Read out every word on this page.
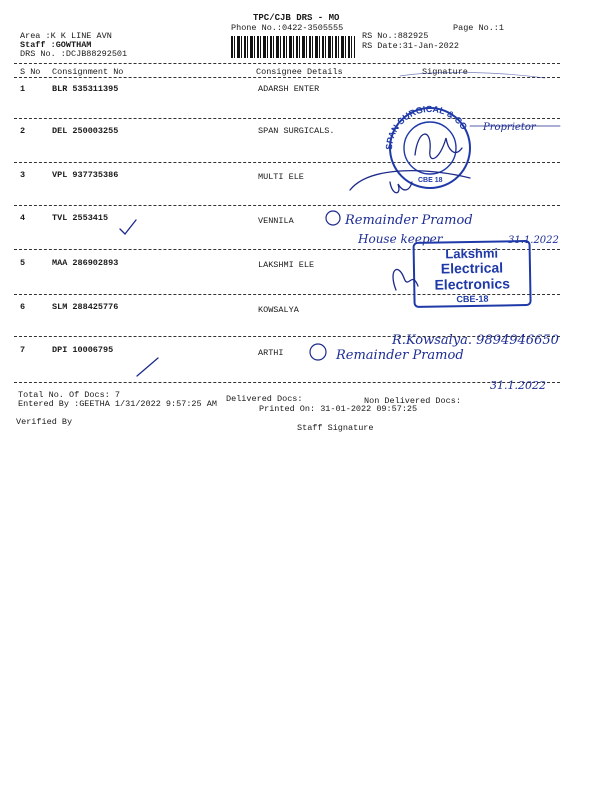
TPC/CJB DRS - MO
Phone No.:0422-3505555	Page No.:1
Area :K K LINE AVN
Staff :GOWTHAM
DRS No. :DCJB88292501
RS No.:882925
RS Date:31-Jan-2022
S No Consignment No	Consignee Details	Signature
1	BLR 535311395	ADARSH ENTER
2	DEL 250003255	SPAN SURGICALS.
3	VPL 937735386	MULTI ELE
4	TVL 2553415	VENNILA
5	MAA 286902893	LAKSHMI ELE
6	SLM 288425776	KOWSALYA
7	DPI 10006795	ARTHI
Total No. Of Docs: 7	Delivered Docs:	Non Delivered Docs:
Entered By :GEETHA 1/31/2022 9:57:25 AM	Printed On: 31-01-2022 09:57:25
Verified By
Staff Signature
SPAN SURGICAL & CO
CBE 18
Proprietor
Remainder Pramod
House keeper	31.1.2022
Lakshmi
Electrical
Electronics
CBE-18
R.Kowsalya. 9894946650
Remainder Pramod
31.1.2022
